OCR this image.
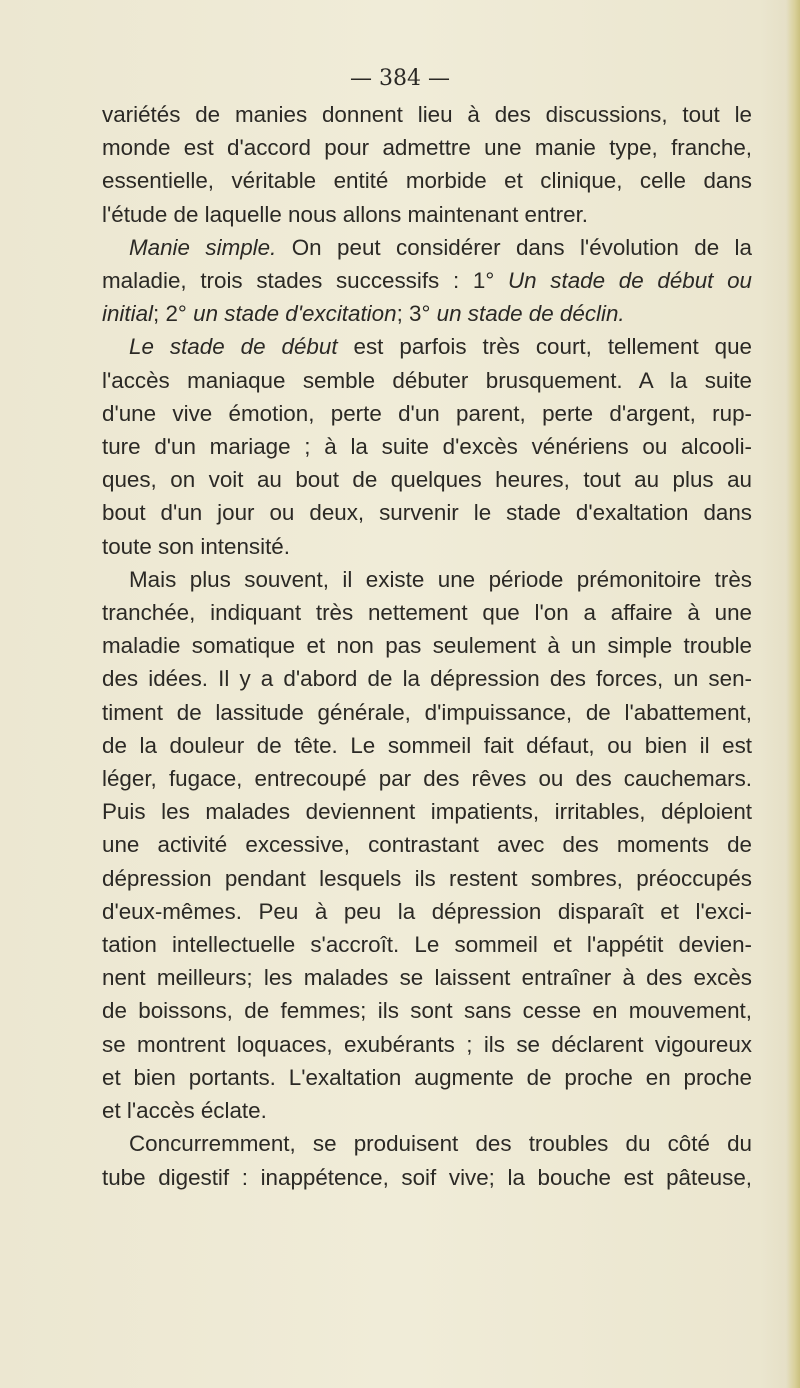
— 384 —

variétés de manies donnent lieu à des discussions, tout le
monde est d'accord pour admettre une manie type, franche,
essentielle, véritable entité morbide et clinique, celle dans
l'étude de laquelle nous allons maintenant entrer.

Manie simple. On peut considérer dans l'évolution de la
maladie, trois stades successifs : 1° Un stade de début ou
initial; 2° un stade d'excitation; 3° un stade de déclin.

Le stade de début est parfois très court, tellement que
l'accès maniaque semble débuter brusquement. A la suite
d'une vive émotion, perte d'un parent, perte d'argent, rup-
ture d'un mariage ; à la suite d'excès vénériens ou alcooli-
ques, on voit au bout de quelques heures, tout au plus au
bout d'un jour ou deux, survenir le stade d'exaltation dans
toute son intensité.

Mais plus souvent, il existe une période prémonitoire très
tranchée, indiquant très nettement que l'on a affaire à une
maladie somatique et non pas seulement à un simple trouble
des idées. Il y a d'abord de la dépression des forces, un sen-
timent de lassitude générale, d'impuissance, de l'abattement,
de la douleur de tête. Le sommeil fait défaut, ou bien il est
léger, fugace, entrecoupé par des rêves ou des cauchemars.
Puis les malades deviennent impatients, irritables, déploient
une activité excessive, contrastant avec des moments de
dépression pendant lesquels ils restent sombres, préoccupés
d'eux-mêmes. Peu à peu la dépression disparaît et l'exci-
tation intellectuelle s'accroît. Le sommeil et l'appétit devien-
nent meilleurs; les malades se laissent entraîner à des excès
de boissons, de femmes; ils sont sans cesse en mouvement,
se montrent loquaces, exubérants ; ils se déclarent vigoureux
et bien portants. L'exaltation augmente de proche en proche
et l'accès éclate.

Concurremment, se produisent des troubles du côté du
tube digestif : inappétence, soif vive; la bouche est pâteuse,
